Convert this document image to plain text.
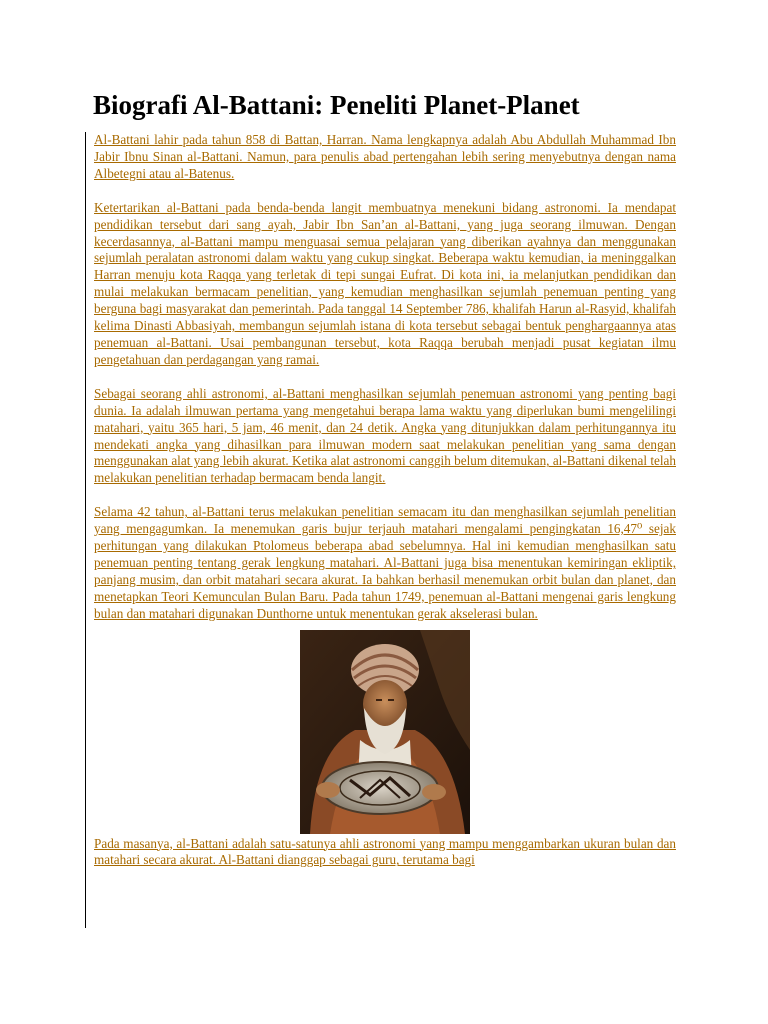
Biografi Al-Battani: Peneliti Planet-Planet

Al-Battani lahir pada tahun 858 di Battan, Harran. Nama lengkapnya adalah Abu Abdullah Muhammad Ibn Jabir Ibnu Sinan al-Battani. Namun, para penulis abad pertengahan lebih sering menyebutnya dengan nama Albetegni atau al-Batenus.

Ketertarikan al-Battani pada benda-benda langit membuatnya menekuni bidang astronomi. Ia mendapat pendidikan tersebut dari sang ayah, Jabir Ibn San’an al-Battani, yang juga seorang ilmuwan. Dengan kecerdasannya, al-Battani mampu menguasai semua pelajaran yang diberikan ayahnya dan menggunakan sejumlah peralatan astronomi dalam waktu yang cukup singkat. Beberapa waktu kemudian, ia meninggalkan Harran menuju kota Raqqa yang terletak di tepi sungai Eufrat. Di kota ini, ia melanjutkan pendidikan dan mulai melakukan bermacam penelitian, yang kemudian menghasilkan sejumlah penemuan penting yang berguna bagi masyarakat dan pemerintah. Pada tanggal 14 September 786, khalifah Harun al-Rasyid, khalifah kelima Dinasti Abbasiyah, membangun sejumlah istana di kota tersebut sebagai bentuk penghargaannya atas penemuan al-Battani. Usai pembangunan tersebut, kota Raqqa berubah menjadi pusat kegiatan ilmu pengetahuan dan perdagangan yang ramai.

Sebagai seorang ahli astronomi, al-Battani menghasilkan sejumlah penemuan astronomi yang penting bagi dunia. Ia adalah ilmuwan pertama yang mengetahui berapa lama waktu yang diperlukan bumi mengelilingi matahari, yaitu 365 hari, 5 jam, 46 menit, dan 24 detik. Angka yang ditunjukkan dalam perhitungannya itu mendekati angka yang dihasilkan para ilmuwan modern saat melakukan penelitian yang sama dengan menggunakan alat yang lebih akurat. Ketika alat astronomi canggih belum ditemukan, al-Battani dikenal telah melakukan penelitian terhadap bermacam benda langit.

Selama 42 tahun, al-Battani terus melakukan penelitian semacam itu dan menghasilkan sejumlah penelitian yang mengagumkan. Ia menemukan garis bujur terjauh matahari mengalami pengingkatan 16,47⁰ sejak perhitungan yang dilakukan Ptolomeus beberapa abad sebelumnya. Hal ini kemudian menghasilkan satu penemuan penting tentang gerak lengkung matahari. Al-Battani juga bisa menentukan kemiringan ekliptik, panjang musim, dan orbit matahari secara akurat. Ia bahkan berhasil menemukan orbit bulan dan planet, dan menetapkan Teori Kemunculan Bulan Baru. Pada tahun 1749, penemuan al-Battani mengenai garis lengkung bulan dan matahari digunakan Dunthorne untuk menentukan gerak akselerasi bulan.

Pada masanya, al-Battani adalah satu-satunya ahli astronomi yang mampu menggambarkan ukuran bulan dan matahari secara akurat. Al-Battani dianggap sebagai guru, terutama bagi
